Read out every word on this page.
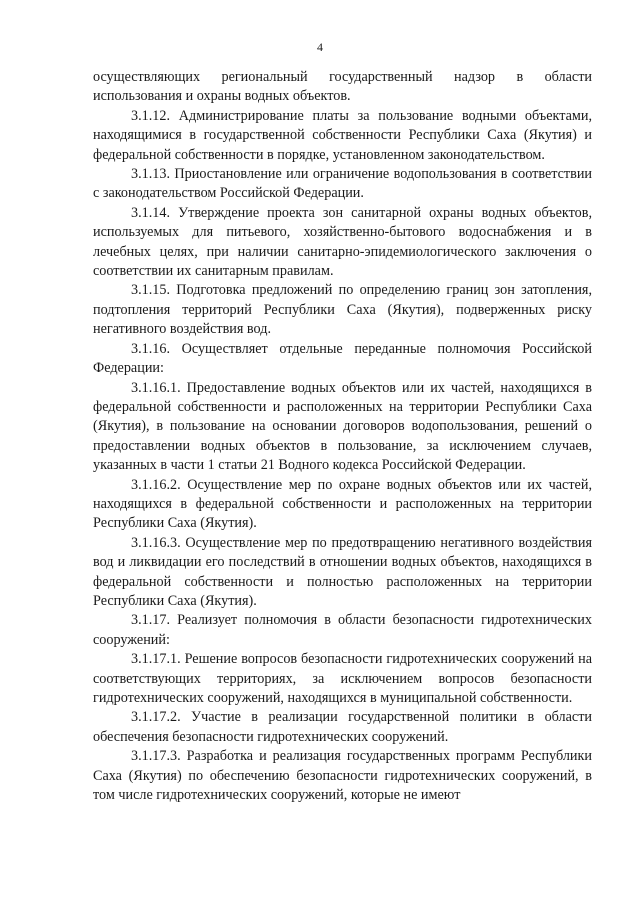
4

осуществляющих региональный государственный надзор в области использования и охраны водных объектов.

3.1.12. Администрирование платы за пользование водными объектами, находящимися в государственной собственности Республики Саха (Якутия) и федеральной собственности в порядке, установленном законодательством.

3.1.13. Приостановление или ограничение водопользования в соответствии с законодательством Российской Федерации.

3.1.14. Утверждение проекта зон санитарной охраны водных объектов, используемых для питьевого, хозяйственно-бытового водоснабжения и в лечебных целях, при наличии санитарно-эпидемиологического заключения о соответствии их санитарным правилам.

3.1.15. Подготовка предложений по определению границ зон затопления, подтопления территорий Республики Саха (Якутия), подверженных риску негативного воздействия вод.

3.1.16. Осуществляет отдельные переданные полномочия Российской Федерации:

3.1.16.1. Предоставление водных объектов или их частей, находящихся в федеральной собственности и расположенных на территории Республики Саха (Якутия), в пользование на основании договоров водопользования, решений о предоставлении водных объектов в пользование, за исключением случаев, указанных в части 1 статьи 21 Водного кодекса Российской Федерации.

3.1.16.2. Осуществление мер по охране водных объектов или их частей, находящихся в федеральной собственности и расположенных на территории Республики Саха (Якутия).

3.1.16.3. Осуществление мер по предотвращению негативного воздействия вод и ликвидации его последствий в отношении водных объектов, находящихся в федеральной собственности и полностью расположенных на территории Республики Саха (Якутия).

3.1.17. Реализует полномочия в области безопасности гидротехнических сооружений:

3.1.17.1. Решение вопросов безопасности гидротехнических сооружений на соответствующих территориях, за исключением вопросов безопасности гидротехнических сооружений, находящихся в муниципальной собственности.

3.1.17.2. Участие в реализации государственной политики в области обеспечения безопасности гидротехнических сооружений.

3.1.17.3. Разработка и реализация государственных программ Республики Саха (Якутия) по обеспечению безопасности гидротехнических сооружений, в том числе гидротехнических сооружений, которые не имеют
